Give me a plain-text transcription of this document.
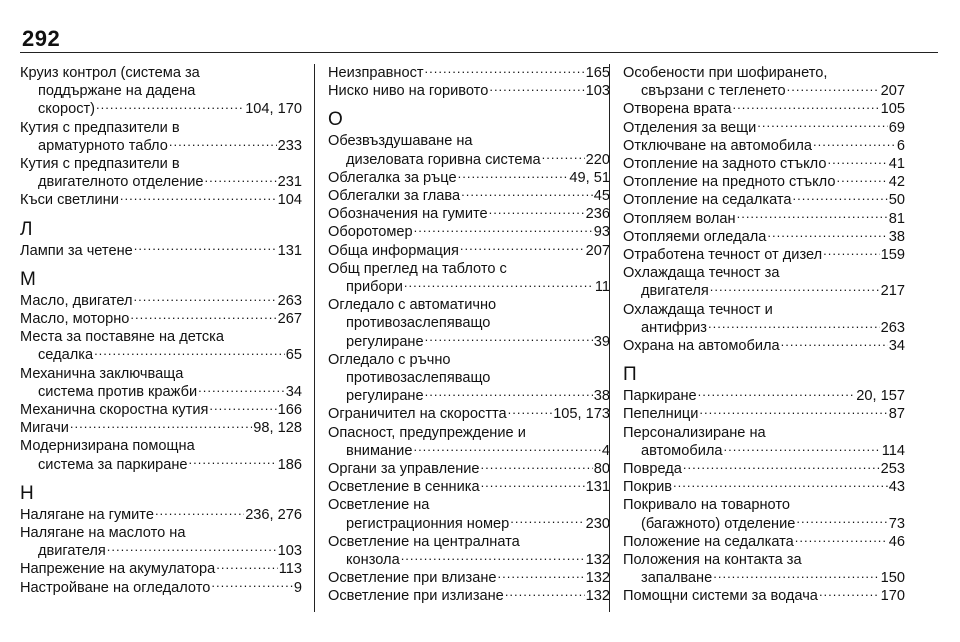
292
Круиз контрол (система за
поддържане на дадена
скорост) .....	104, 170
Кутия с предпазители в
арматурното табло .....	233
Кутия с предпазители в
двигателното отделение .....	231
Къси светлини .....	104
Л
Лампи за четене .....	131
М
Масло, двигател .....	263
Масло, моторно .....	267
Места за поставяне на детска
седалка .....	65
Механична заключваща
система против кражби .....	34
Механична скоростна кутия .....	166
Мигачи .....	98, 128
Модернизирана помощна
система за паркиране .....	186
Н
Налягане на гумите .....	236, 276
Налягане на маслото на
двигателя .....	103
Напрежение на акумулатора .....	113
Настройване на огледалото .....	9
Неизправност .....	165
Ниско ниво на горивото .....	103
О
Обезвъздушаване на
дизеловата горивна система .....	220
Облегалка за ръце .....	49, 51
Облегалки за глава .....	45
Обозначения на гумите .....	236
Оборотомер .....	93
Обща информация .....	207
Общ преглед на таблото с
прибори .....	11
Огледало с автоматично
противозаслепяващо
регулиране .....	39
Огледало с ръчно
противозаслепяващо
регулиране .....	38
Ограничител на скоростта .....	105, 173
Опасност, предупреждение и
внимание .....	4
Органи за управление .....	80
Осветление в сенника .....	131
Осветление на
регистрационния номер .....	230
Осветление на централната
конзола .....	132
Осветление при влизане .....	132
Осветление при излизане .....	132
Особености при шофирането,
свързани с тегленето .....	207
Отворена врата .....	105
Отделения за вещи .....	69
Отключване на автомобила .....	6
Отопление на задното стъкло .....	41
Отопление на предното стъкло .....	42
Отопление на седалката .....	50
Отопляем волан .....	81
Отопляеми огледала .....	38
Отработена течност от дизел .....	159
Охлаждаща течност за
двигателя .....	217
Охлаждаща течност и
антифриз .....	263
Охрана на автомобила .....	34
П
Паркиране .....	20, 157
Пепелници .....	87
Персонализиране на
автомобила .....	114
Повреда .....	253
Покрив .....	43
Покривало на товарното
(багажното) отделение .....	73
Положение на седалката .....	46
Положения на контакта за
запалване .....	150
Помощни системи за водача .....	170
